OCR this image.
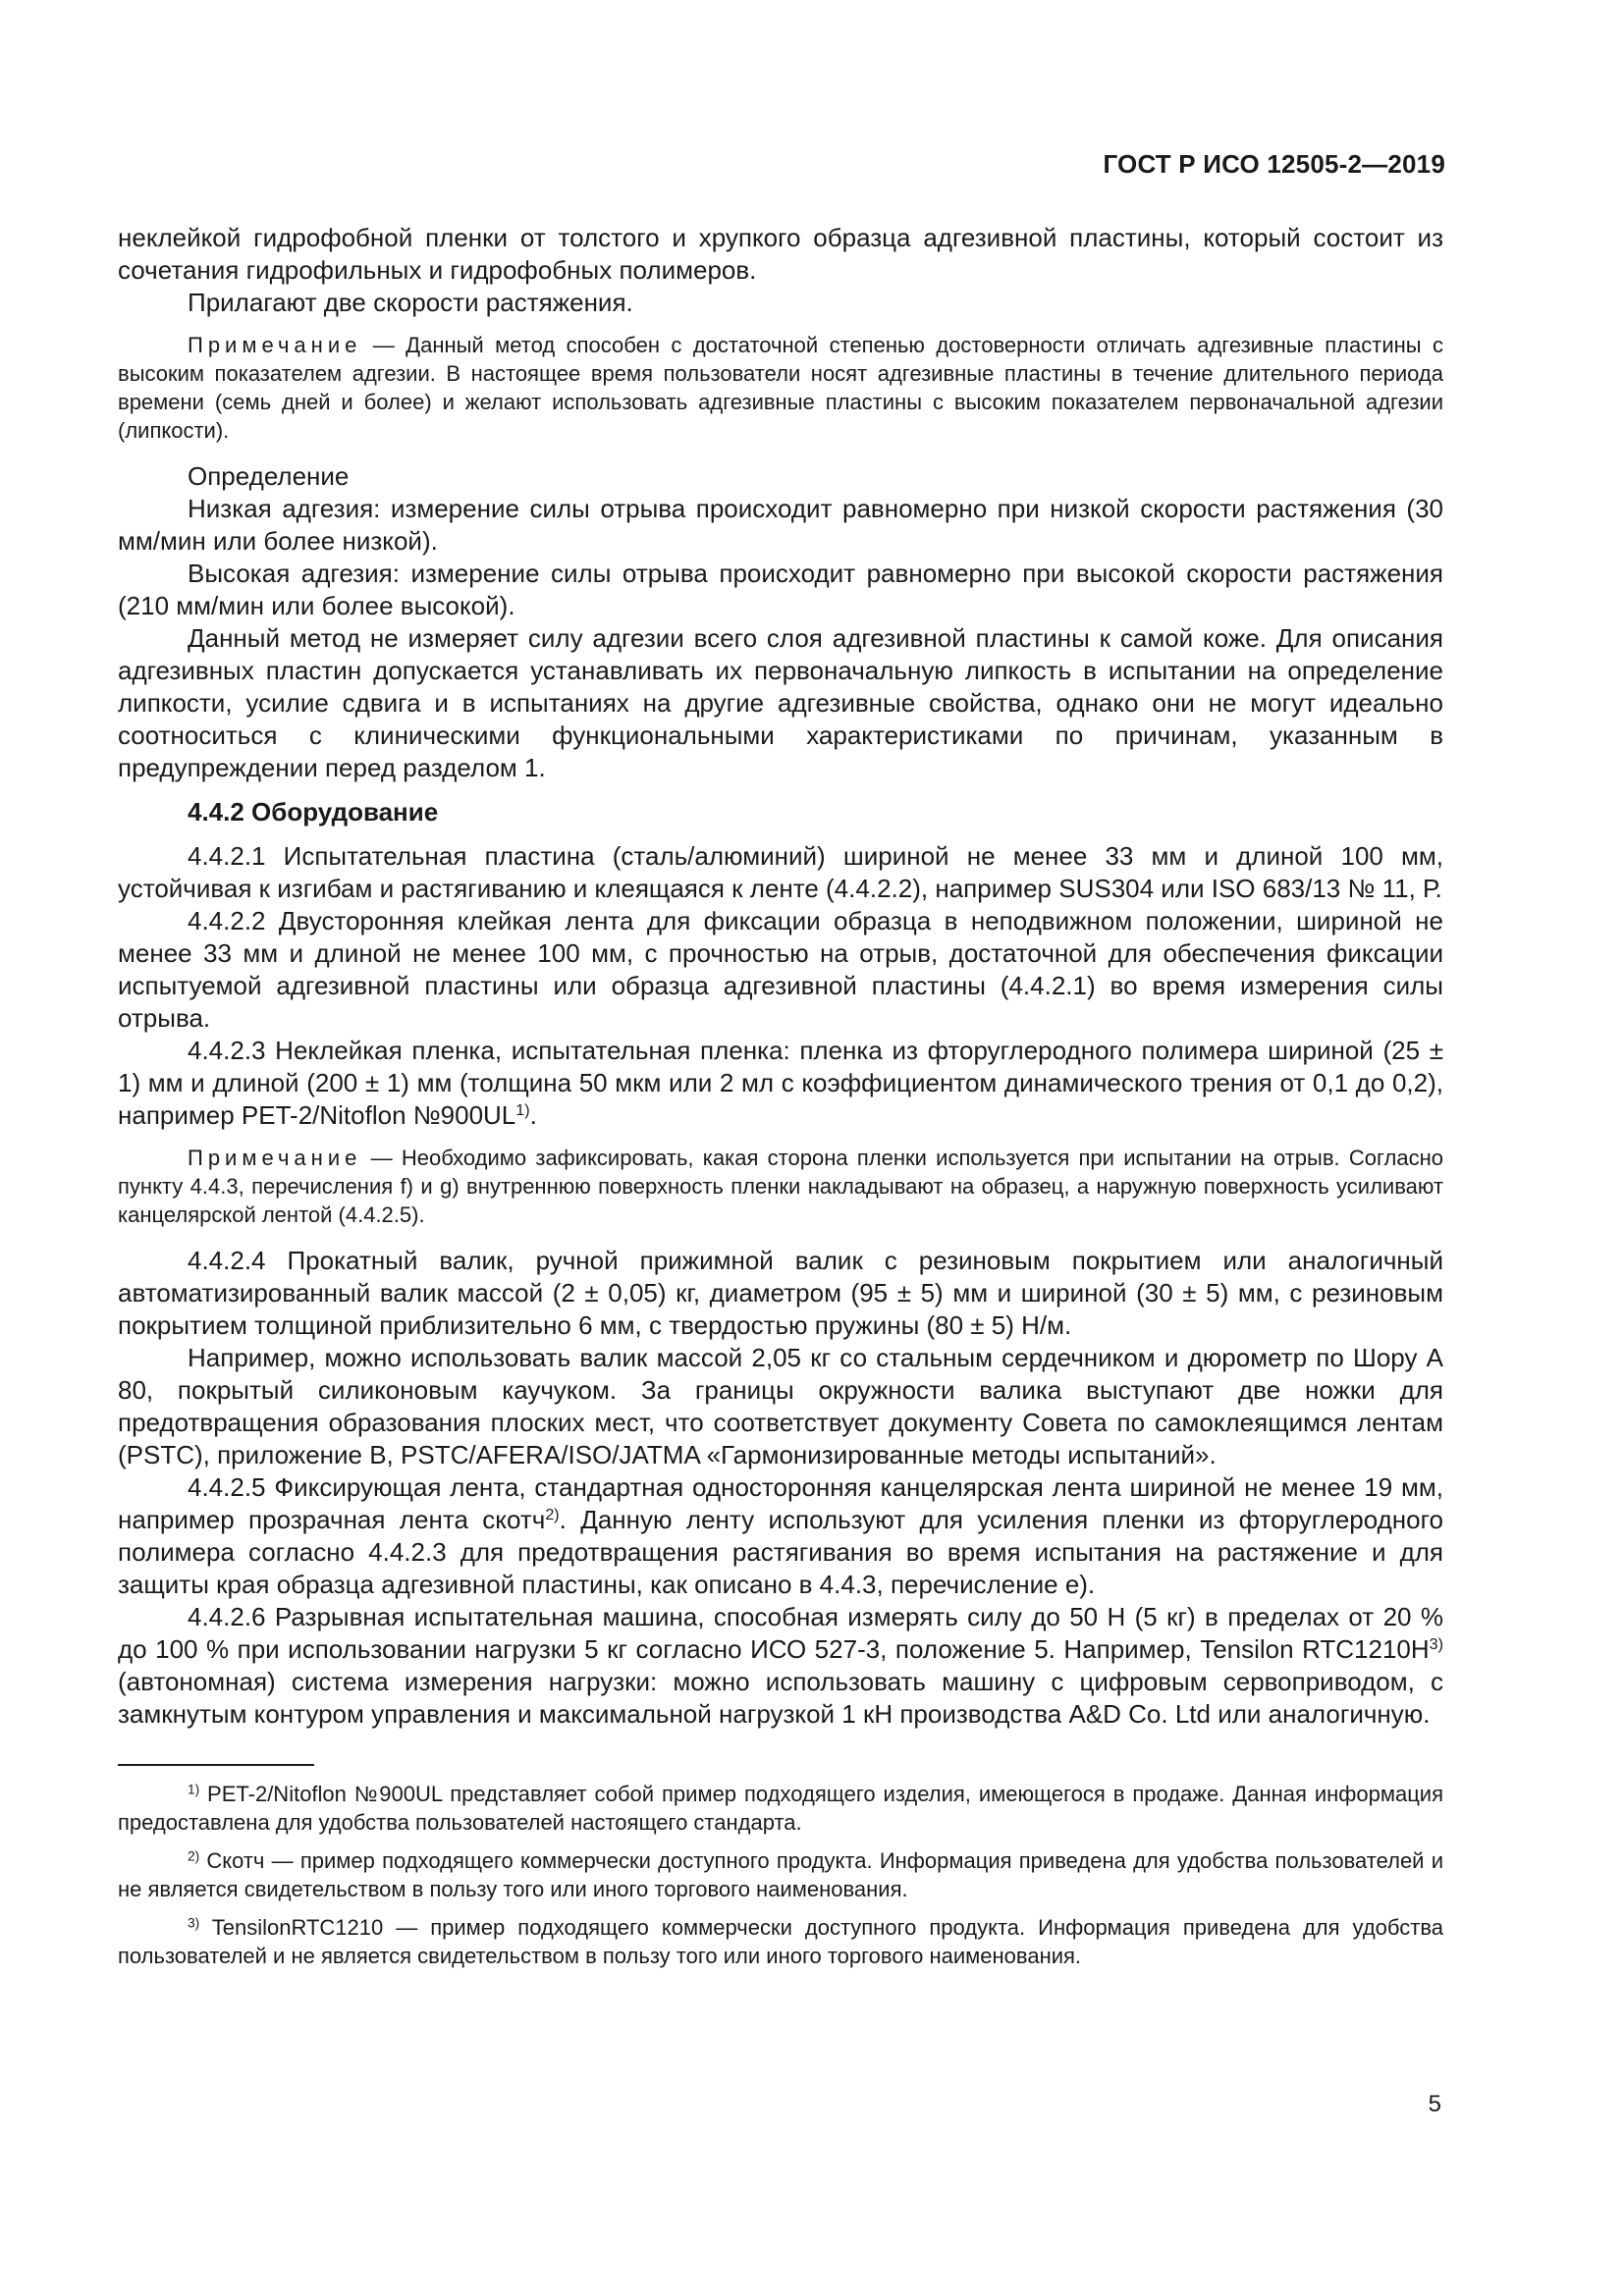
ГОСТ Р ИСО 12505-2—2019

неклейкой гидрофобной пленки от толстого и хрупкого образца адгезивной пластины, который состоит из сочетания гидрофильных и гидрофобных полимеров.

Прилагают две скорости растяжения.

Примечание — Данный метод способен с достаточной степенью достоверности отличать адгезивные пластины с высоким показателем адгезии. В настоящее время пользователи носят адгезивные пластины в течение длительного периода времени (семь дней и более) и желают использовать адгезивные пластины с высоким показателем первоначальной адгезии (липкости).

Определение

Низкая адгезия: измерение силы отрыва происходит равномерно при низкой скорости растяжения (30 мм/мин или более низкой).

Высокая адгезия: измерение силы отрыва происходит равномерно при высокой скорости растяжения (210 мм/мин или более высокой).

Данный метод не измеряет силу адгезии всего слоя адгезивной пластины к самой коже. Для описания адгезивных пластин допускается устанавливать их первоначальную липкость в испытании на определение липкости, усилие сдвига и в испытаниях на другие адгезивные свойства, однако они не могут идеально соотноситься с клиническими функциональными характеристиками по причинам, указанным в предупреждении перед разделом 1.

4.4.2 Оборудование

4.4.2.1 Испытательная пластина (сталь/алюминий) шириной не менее 33 мм и длиной 100 мм, устойчивая к изгибам и растягиванию и клеящаяся к ленте (4.4.2.2), например SUS304 или ISO 683/13 № 11, Р.

4.4.2.2 Двусторонняя клейкая лента для фиксации образца в неподвижном положении, шириной не менее 33 мм и длиной не менее 100 мм, с прочностью на отрыв, достаточной для обеспечения фиксации испытуемой адгезивной пластины или образца адгезивной пластины (4.4.2.1) во время измерения силы отрыва.

4.4.2.3 Неклейкая пленка, испытательная пленка: пленка из фторуглеродного полимера шириной (25 ± 1) мм и длиной (200 ± 1) мм (толщина 50 мкм или 2 мл с коэффициентом динамического трения от 0,1 до 0,2), например PET-2/Nitoflon №900UL$^{1)}$.

Примечание — Необходимо зафиксировать, какая сторона пленки используется при испытании на отрыв. Согласно пункту 4.4.3, перечисления f) и g) внутреннюю поверхность пленки накладывают на образец, а наружную поверхность усиливают канцелярской лентой (4.4.2.5).

4.4.2.4 Прокатный валик, ручной прижимной валик с резиновым покрытием или аналогичный автоматизированный валик массой (2 ± 0,05) кг, диаметром (95 ± 5) мм и шириной (30 ± 5) мм, с резиновым покрытием толщиной приблизительно 6 мм, с твердостью пружины (80 ± 5) Н/м.

Например, можно использовать валик массой 2,05 кг со стальным сердечником и дюрометр по Шору А 80, покрытый силиконовым каучуком. За границы окружности валика выступают две ножки для предотвращения образования плоских мест, что соответствует документу Совета по самоклеящимся лентам (PSTC), приложение В, PSTC/AFERA/ISO/JATMA «Гармонизированные методы испытаний».

4.4.2.5 Фиксирующая лента, стандартная односторонняя канцелярская лента шириной не менее 19 мм, например прозрачная лента скотч$^{2)}$. Данную ленту используют для усиления пленки из фторуглеродного полимера согласно 4.4.2.3 для предотвращения растягивания во время испытания на растяжение и для защиты края образца адгезивной пластины, как описано в 4.4.3, перечисление е).

4.4.2.6 Разрывная испытательная машина, способная измерять силу до 50 Н (5 кг) в пределах от 20 % до 100 % при использовании нагрузки 5 кг согласно ИСО 527-3, положение 5. Например, Tensilon $RTC1210H^{3)}$ (автономная) система измерения нагрузки: можно использовать машину с цифровым сервоприводом, с замкнутым контуром управления и максимальной нагрузкой 1 кН производства A&D Co. Ltd или аналогичную.

$^{1)}$ PET-2/Nitoflon №900UL представляет собой пример подходящего изделия, имеющегося в продаже. Данная информация предоставлена для удобства пользователей настоящего стандарта.

$^{2)}$ Скотч — пример подходящего коммерчески доступного продукта. Информация приведена для удобства пользователей и не является свидетельством в пользу того или иного торгового наименования.

$^{3)}$ TensilonRTC1210 — пример подходящего коммерчески доступного продукта. Информация приведена для удобства пользователей и не является свидетельством в пользу того или иного торгового наименования.

5
